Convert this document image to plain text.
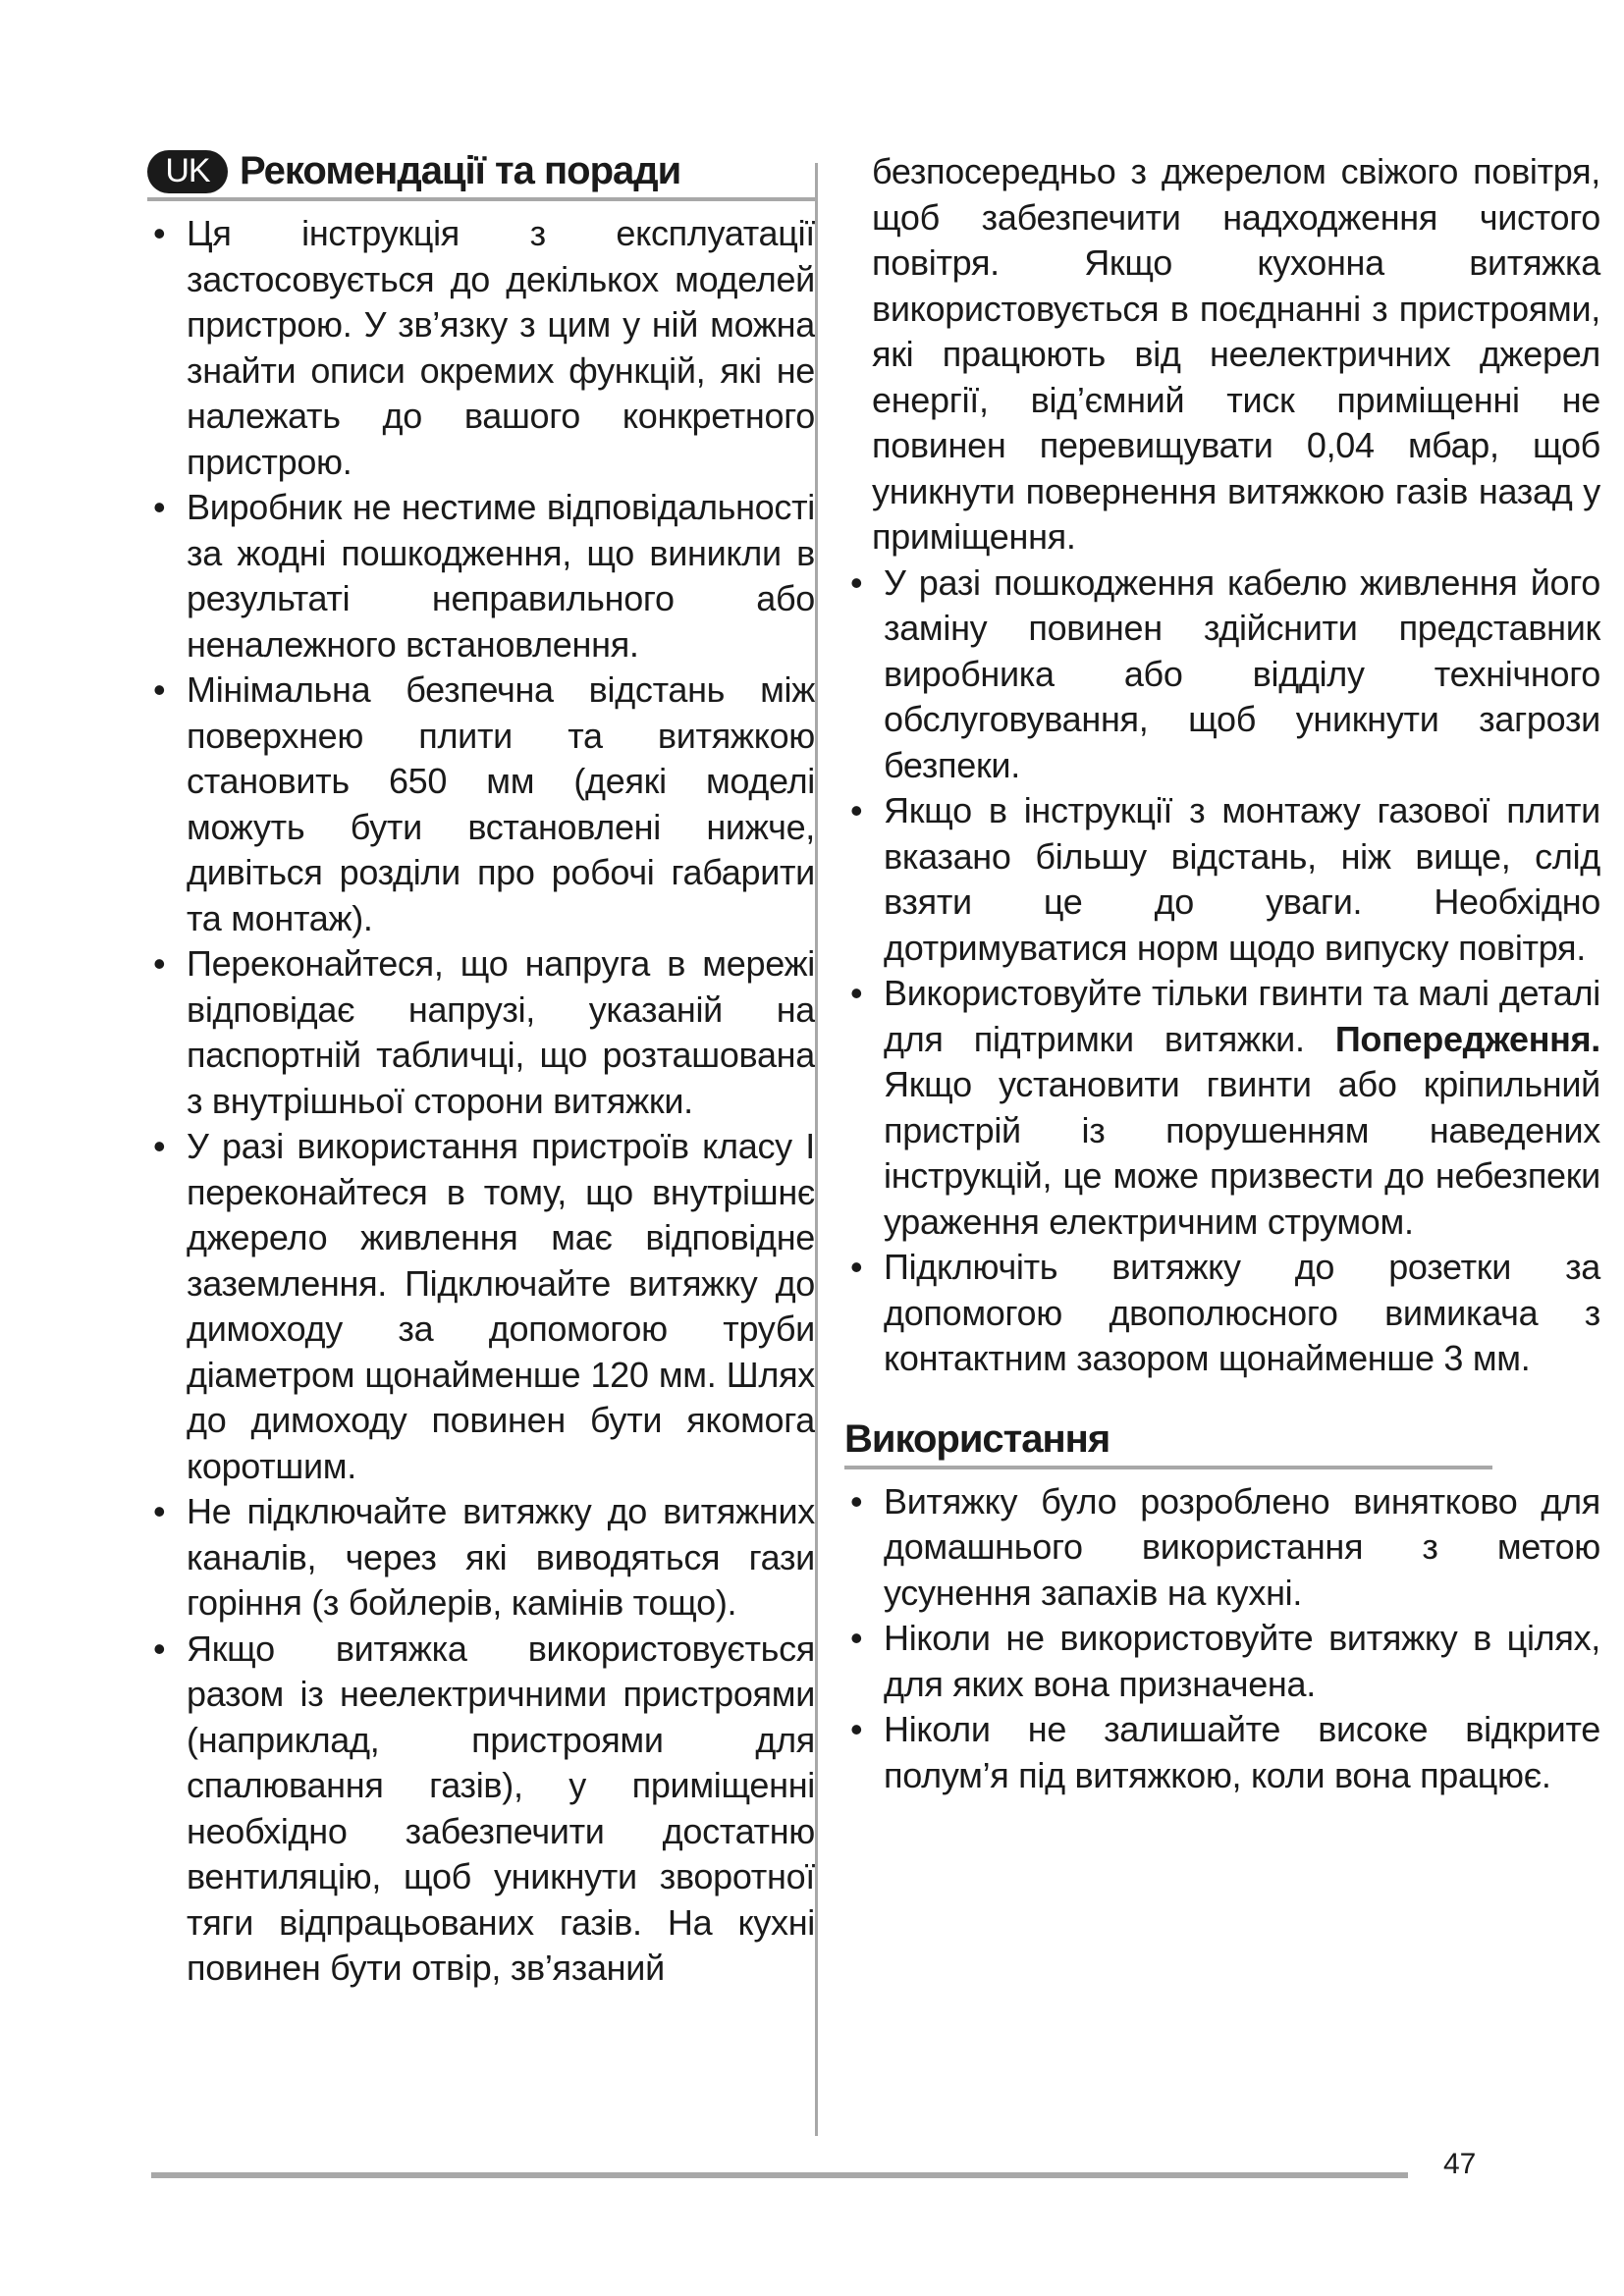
UK Рекомендації та поради
• Ця інструкція з експлуатації застосовується до декількох моделей пристрою. У зв’язку з цим у ній можна знайти описи окремих функцій, які не належать до вашого конкретного пристрою.
• Виробник не нестиме відповідальності за жодні пошкодження, що виникли в результаті неправильного або неналежного встановлення.
• Мінімальна безпечна відстань між поверхнею плити та витяжкою становить 650 мм (деякі моделі можуть бути встановлені нижче, дивіться розділи про робочі габарити та монтаж).
• Переконайтеся, що напруга в мережі відповідає напрузі, указаній на паспортній табличці, що розташована з внутрішньої сторони витяжки.
• У разі використання пристроїв класу I переконайтеся в тому, що внутрішнє джерело живлення має відповідне заземлення. Підключайте витяжку до димоходу за допомогою труби діаметром щонайменше 120 мм. Шлях до димоходу повинен бути якомога коротшим.
• Не підключайте витяжку до витяжних каналів, через які виводяться гази горіння (з бойлерів, камінів тощо).
• Якщо витяжка використовується разом із неелектричними пристроями (наприклад, пристроями для спалювання газів), у приміщенні необхідно забезпечити достатню вентиляцію, щоб уникнути зворотної тяги відпрацьованих газів. На кухні повинен бути отвір, зв’язаний

безпосередньо з джерелом свіжого повітря, щоб забезпечити надходження чистого повітря. Якщо кухонна витяжка використовується в поєднанні з пристроями, які працюють від неелектричних джерел енергії, від’ємний тиск приміщенні не повинен перевищувати 0,04 мбар, щоб уникнути повернення витяжкою газів назад у приміщення.

• У разі пошкодження кабелю живлення його заміну повинен здійснити представник виробника або відділу технічного обслуговування, щоб уникнути загрози безпеки.
• Якщо в інструкції з монтажу газової плити вказано більшу відстань, ніж вище, слід взяти це до уваги. Необхідно дотримуватися норм щодо випуску повітря.
• Використовуйте тільки гвинти та малі деталі для підтримки витяжки. Попередження. Якщо установити гвинти або кріпильний пристрій із порушенням наведених інструкцій, це може призвести до небезпеки ураження електричним струмом.
• Підключіть витяжку до розетки за допомогою двополюсного вимикача з контактним зазором щонайменше 3 мм.
Використання
• Витяжку було розроблено винятково для домашнього використання з метою усунення запахів на кухні.
• Ніколи не використовуйте витяжку в цілях, для яких вона призначена.
• Ніколи не залишайте високе відкрите полум’я під витяжкою, коли вона працює.
47
